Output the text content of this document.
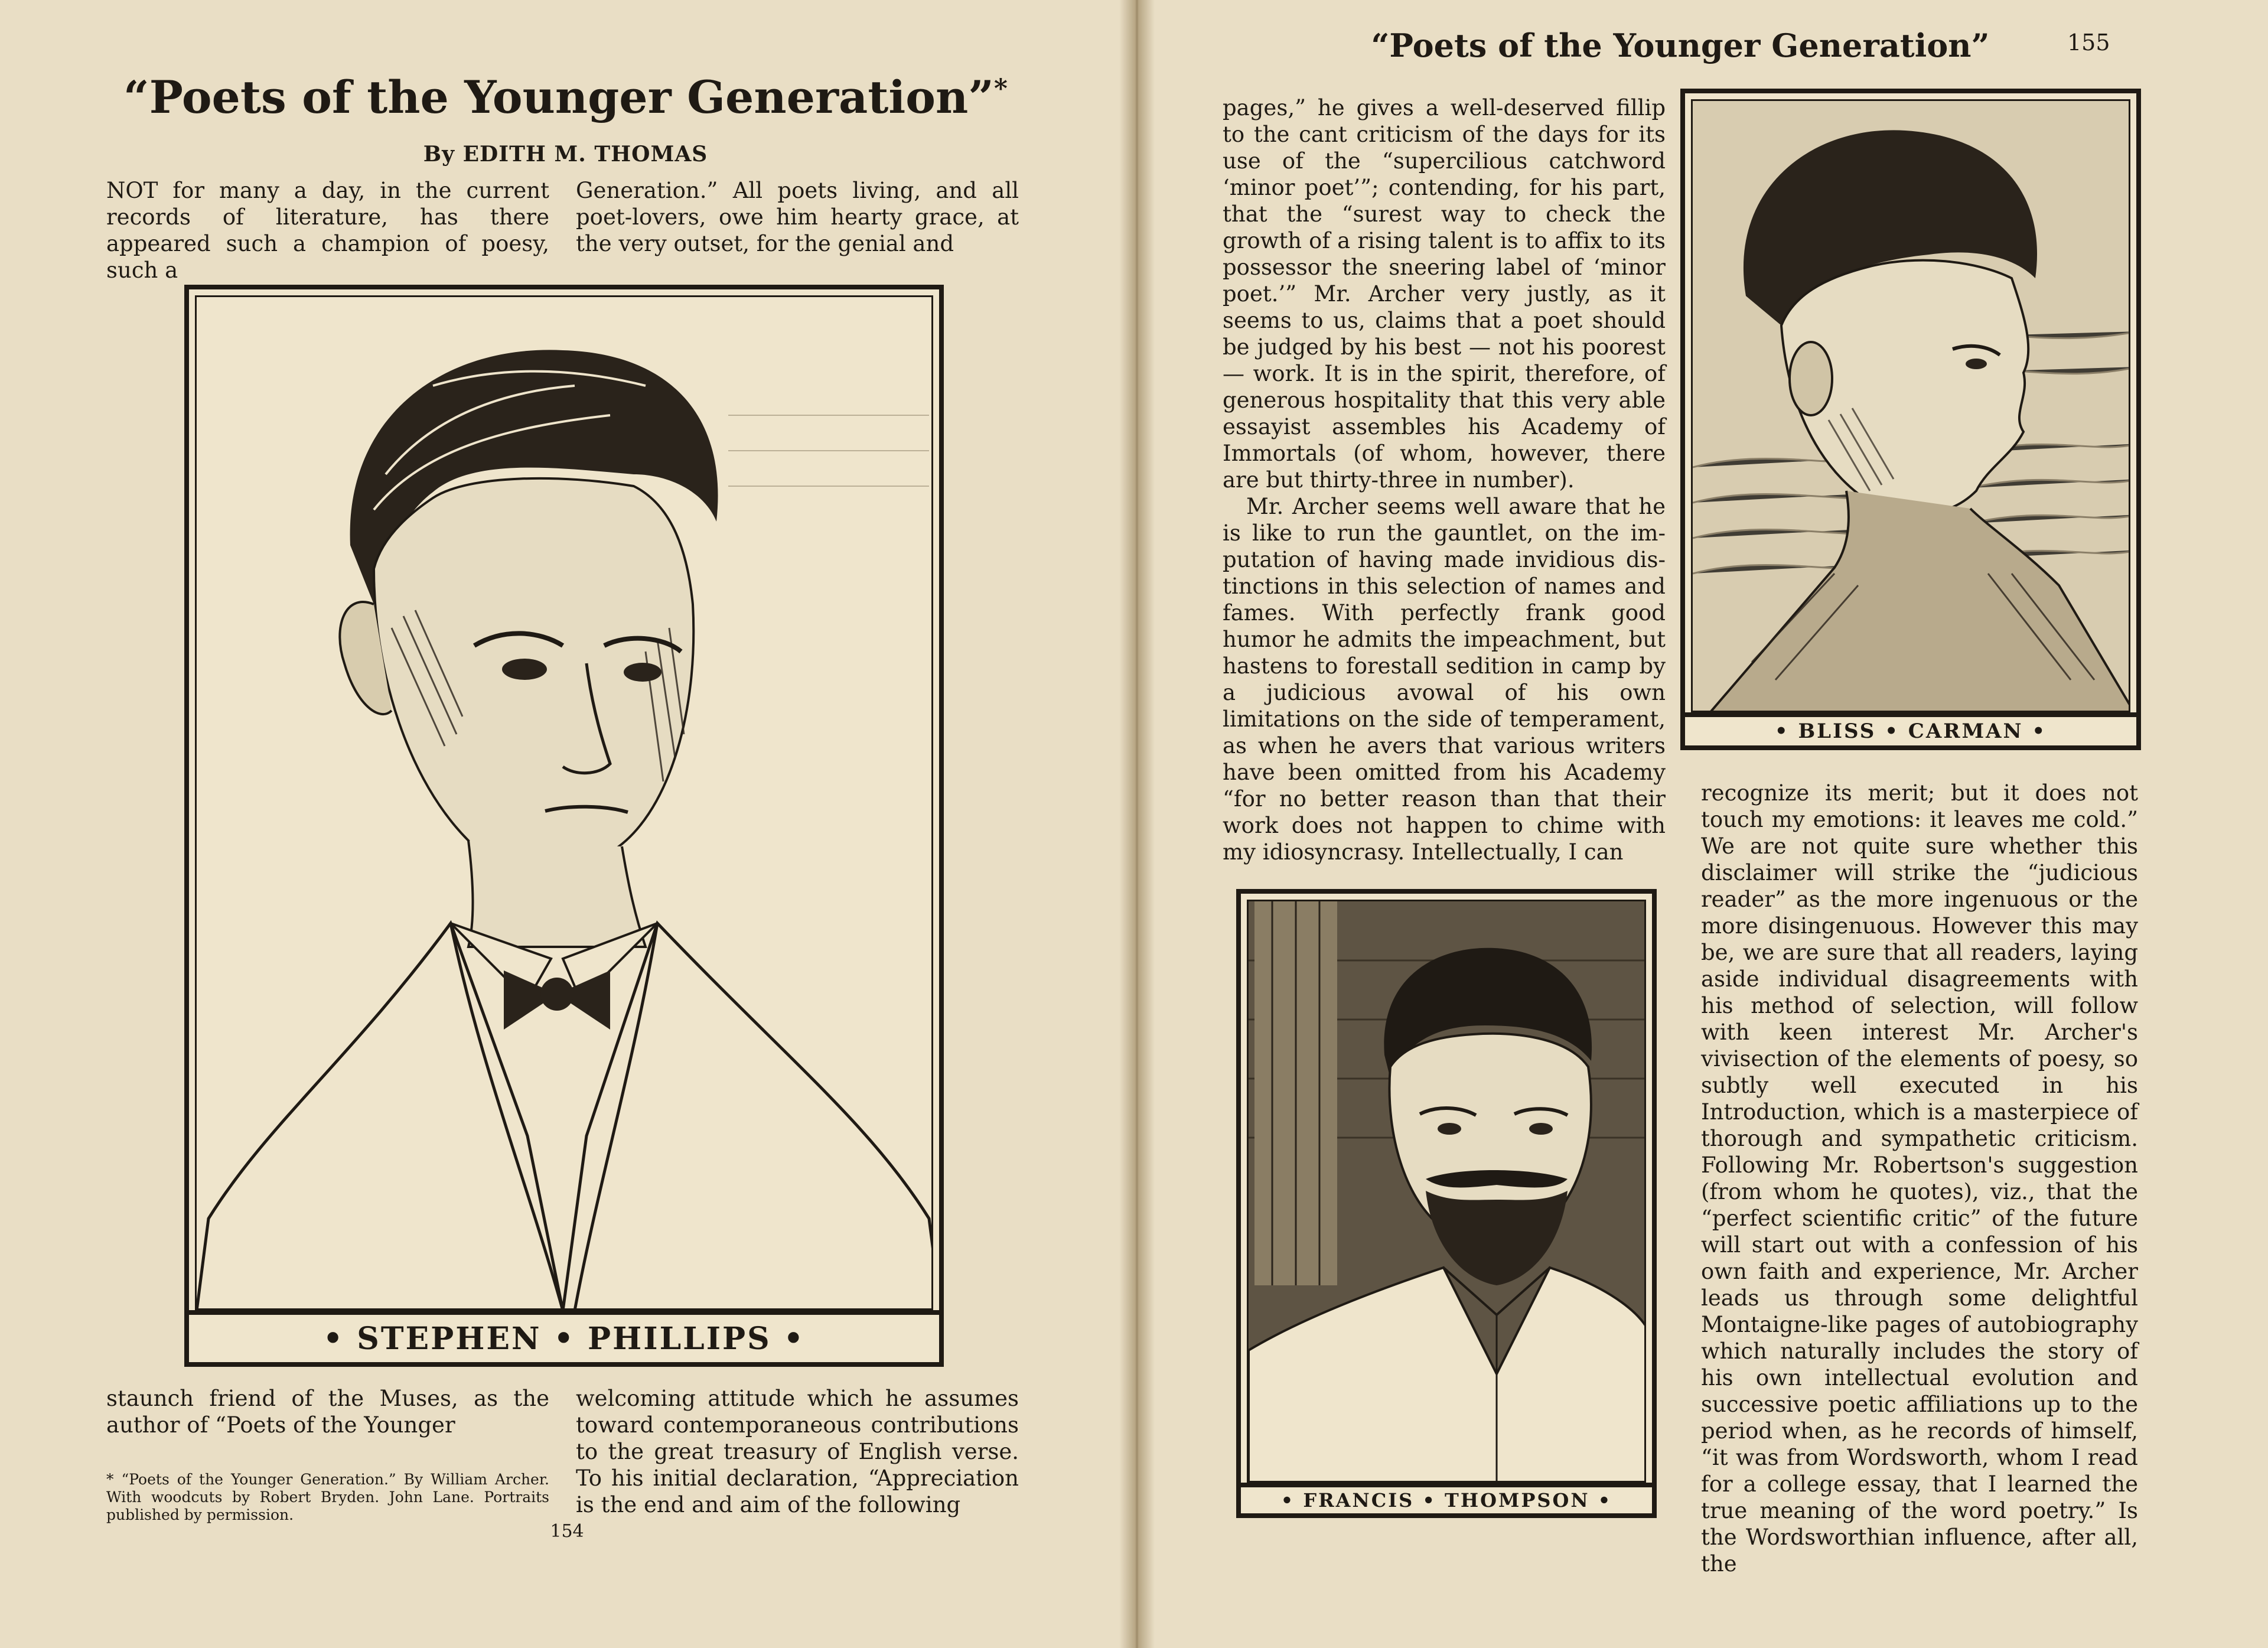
“Poets of the Younger Generation”*
By EDITH M. THOMAS

NOT for many a day, in the current records of literature, has there appeared such a champion of poesy, such a

Generation.” All poets living, and all poet-lovers, owe him hearty grace, at the very outset, for the genial and

• STEPHEN • PHILLIPS •

staunch friend of the Muses, as the author of “Poets of the Younger

* “Poets of the Younger Generation.” By William Archer. With woodcuts by Robert Bryden. John Lane. Portraits published by permission.

welcoming attitude which he assumes toward contemporaneous contributions to the great treasury of English verse. To his initial declaration, “Appreciation is the end and aim of the following

154
“Poets of the Younger Generation”	155

pages,” he gives a well-deserved fillip to the cant criticism of the days for its use of the “supercilious catchword ‘minor poet’”; contending, for his part, that the “surest way to check the growth of a rising talent is to affix to its possessor the sneering label of ‘minor poet.’” Mr. Archer very justly, as it seems to us, claims that a poet should be judged by his best — not his poorest — work. It is in the spirit, therefore, of generous hospitality that this very able essayist assembles his Academy of Immortals (of whom, however, there are but thirty-three in number).

Mr. Archer seems well aware that he is like to run the gauntlet, on the imputation of having made invidious distinctions in this selection of names and fames. With perfectly frank good humor he admits the impeachment, but hastens to forestall sedition in camp by a judicious avowal of his own limitations on the side of temperament, as when he avers that various writers have been omitted from his Academy “for no better reason than that their work does not happen to chime with my idiosyncrasy. Intellectually, I can

• BLISS • CARMAN •

recognize its merit; but it does not touch my emotions: it leaves me cold.” We are not quite sure whether this disclaimer will strike the “judicious reader” as the more ingenuous or the more disingenuous. However this may be, we are sure that all readers, laying aside individual disagreements with his method of selection, will follow with keen interest Mr. Archer's vivisection of the elements of poesy, so subtly well executed in his Introduction, which is a masterpiece of thorough and sympathetic criticism. Following Mr. Robertson's suggestion (from whom he quotes), viz., that the “perfect scientific critic” of the future will start out with a confession of his own faith and experience, Mr. Archer leads us through some delightful Montaigne-like pages of autobiography which naturally includes the story of his own intellectual evolution and successive poetic affiliations up to the period when, as he records of himself, “it was from Wordsworth, whom I read for a college essay, that I learned the true meaning of the word poetry.” Is the Wordsworthian influence, after all, the

• FRANCIS • THOMPSON •
